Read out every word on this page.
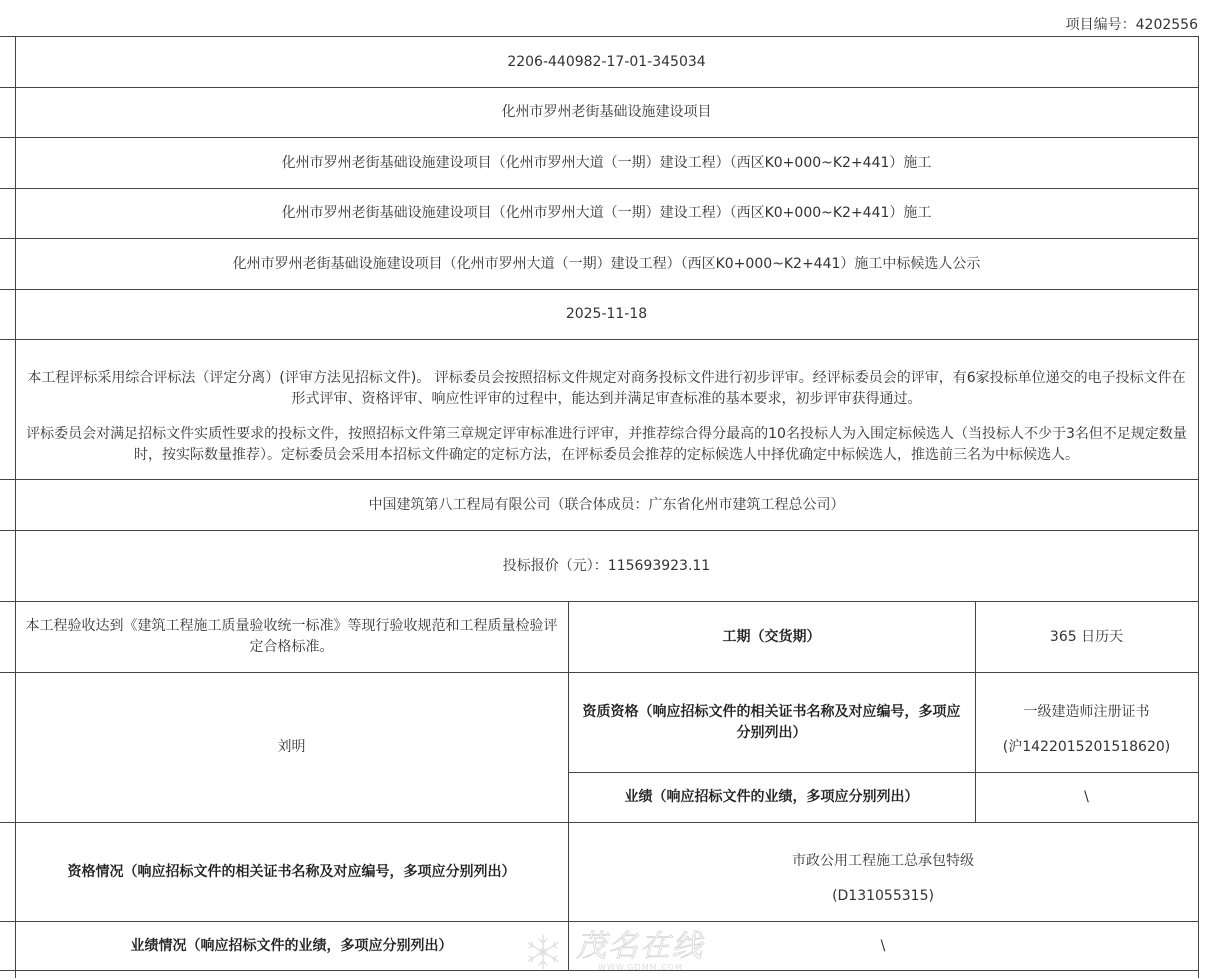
项目编号：4202556
	2206-440982-17-01-345034		
	化州市罗州老街基础设施建设项目		
	化州市罗州老街基础设施建设项目（化州市罗州大道（一期）建设工程）（西区K0+000~K2+441）施工		
	化州市罗州老街基础设施建设项目（化州市罗州大道（一期）建设工程）（西区K0+000~K2+441）施工		
	化州市罗州老街基础设施建设项目（化州市罗州大道（一期）建设工程）（西区K0+000~K2+441）施工中标候选人公示		
	2025-11-18		

	本工程评标采用综合评标法（评定分离）(评审方法见招标文件)。 评标委员会按照招标文件规定对商务投标文件进行初步评审。经评标委员会的评审，有6家投标单位递交的电子投标文件在形式评审、资格评审、响应性评审的过程中，能达到并满足审查标准的基本要求，初步评审获得通过。

评标委员会对满足招标文件实质性要求的投标文件，按照招标文件第三章规定评审标准进行评审，并推荐综合得分最高的10名投标人为入围定标候选人（当投标人不少于3名但不足规定数量时，按实际数量推荐）。定标委员会采用本招标文件确定的定标方法，在评标委员会推荐的定标候选人中择优确定中标候选人，推选前三名为中标候选人。		

	中国建筑第八工程局有限公司（联合体成员：广东省化州市建筑工程总公司）		
	投标报价（元）：115693923.11		
	本工程验收达到《建筑工程施工质量验收统一标准》等现行验收规范和工程质量检验评定合格标准。	工期（交货期）	365 日历天
	刘明	资质资格（响应招标文件的相关证书名称及对应编号，多项应分别列出）	一级建造师注册证书

(沪1422015201518620)

		业绩（响应招标文件的业绩，多项应分别列出）	\
	资格情况（响应招标文件的相关证书名称及对应编号，多项应分别列出）	市政公用工程施工总承包特级

(D131055315)	

	业绩情况（响应招标文件的业绩，多项应分别列出）	\	

茂名在线
WWW.GDMM.COM
